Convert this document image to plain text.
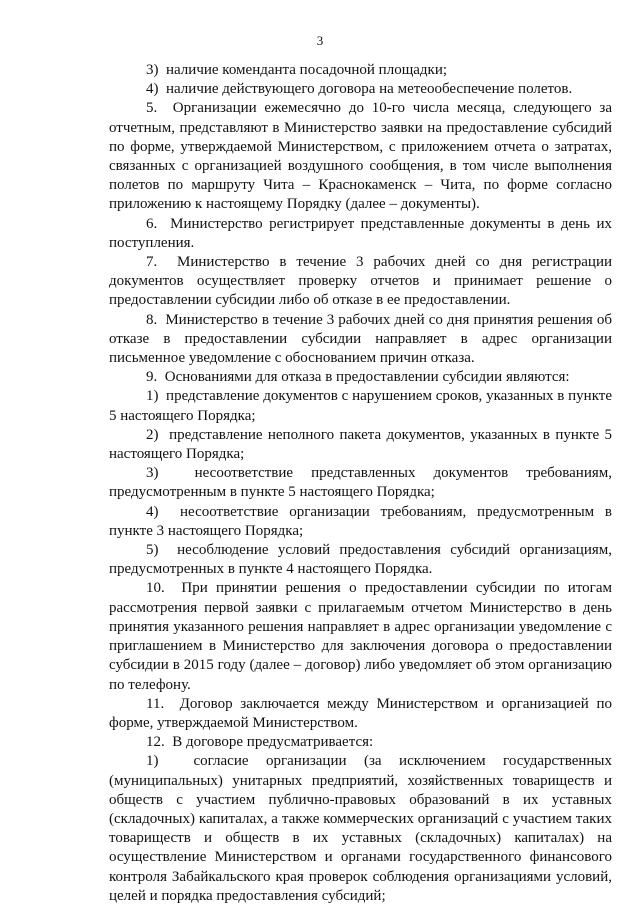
3

3)  наличие коменданта посадочной площадки;

4)  наличие действующего договора на метеообеспечение полетов.

5.  Организации ежемесячно до 10-го числа месяца, следующего за отчетным, представляют в Министерство заявки на предоставление субсидий по форме, утверждаемой Министерством, с приложением отчета о затратах, связанных с организацией воздушного сообщения, в том числе выполнения полетов по маршруту Чита – Краснокаменск – Чита, по форме согласно приложению к настоящему Порядку (далее – документы).

6.  Министерство регистрирует представленные документы в день их поступления.

7.  Министерство в течение 3 рабочих дней со дня регистрации документов осуществляет проверку отчетов и принимает решение о предоставлении субсидии либо об отказе в ее предоставлении.

8.  Министерство в течение 3 рабочих дней со дня принятия решения об отказе в предоставлении субсидии направляет в адрес организации письменное уведомление с обоснованием причин отказа.

9.  Основаниями для отказа в предоставлении субсидии являются:

1)  представление документов с нарушением сроков, указанных в пункте 5 настоящего Порядка;

2)  представление неполного пакета документов, указанных в пункте 5 настоящего Порядка;

3)  несоответствие представленных документов требованиям, предусмотренным в пункте 5 настоящего Порядка;

4)  несоответствие организации требованиям, предусмотренным в пункте 3 настоящего Порядка;

5)  несоблюдение условий предоставления субсидий организациям, предусмотренных в пункте 4 настоящего Порядка.

10.  При принятии решения о предоставлении субсидии по итогам рассмотрения первой заявки с прилагаемым отчетом Министерство в день принятия указанного решения направляет в адрес организации уведомление с приглашением в Министерство для заключения договора о предоставлении субсидии в 2015 году (далее – договор) либо уведомляет об этом организацию по телефону.

11.  Договор заключается между Министерством и организацией по форме, утверждаемой Министерством.

12.  В договоре предусматривается:

1)  согласие организации (за исключением государственных (муниципальных) унитарных предприятий, хозяйственных товариществ и обществ с участием публично-правовых образований в их уставных (складочных) капиталах, а также коммерческих организаций с участием таких товариществ и обществ в их уставных (складочных) капиталах) на осуществление Министерством и органами государственного финансового контроля Забайкальского края проверок соблюдения организациями условий, целей и порядка предоставления субсидий;
